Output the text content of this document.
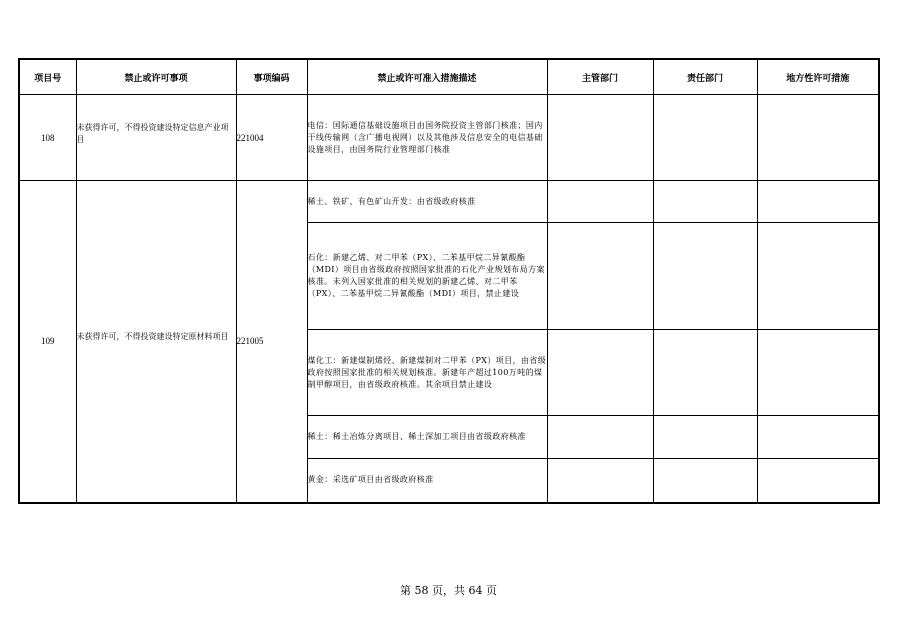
项目号	禁止或许可事项	事项编码	禁止或许可准入措施描述	主管部门	责任部门	地方性许可措施
108	未获得许可，不得投资建设特定信息产业项目	221004	电信：国际通信基础设施项目由国务院投资主管部门核准；国内干线传输网（含广播电视网）以及其他涉及信息安全的电信基础设施项目，由国务院行业管理部门核准			
109	未获得许可，不得投资建设特定原材料项目	221005	稀土、铁矿、有色矿山开发：由省级政府核准			
			石化：新建乙烯、对二甲苯（PX）、二苯基甲烷二异氰酸酯（MDI）项目由省级政府按照国家批准的石化产业规划布局方案核准。未列入国家批准的相关规划的新建乙烯、对二甲苯（PX）、二苯基甲烷二异氰酸酯（MDI）项目，禁止建设			
			煤化工：新建煤制烯烃、新建煤制对二甲苯（PX）项目，由省级政府按照国家批准的相关规划核准。新建年产超过100万吨的煤制甲醇项目，由省级政府核准。其余项目禁止建设			
			稀土：稀土冶炼分离项目、稀土深加工项目由省级政府核准			
			黄金：采选矿项目由省级政府核准			
第 58 页，共 64 页
